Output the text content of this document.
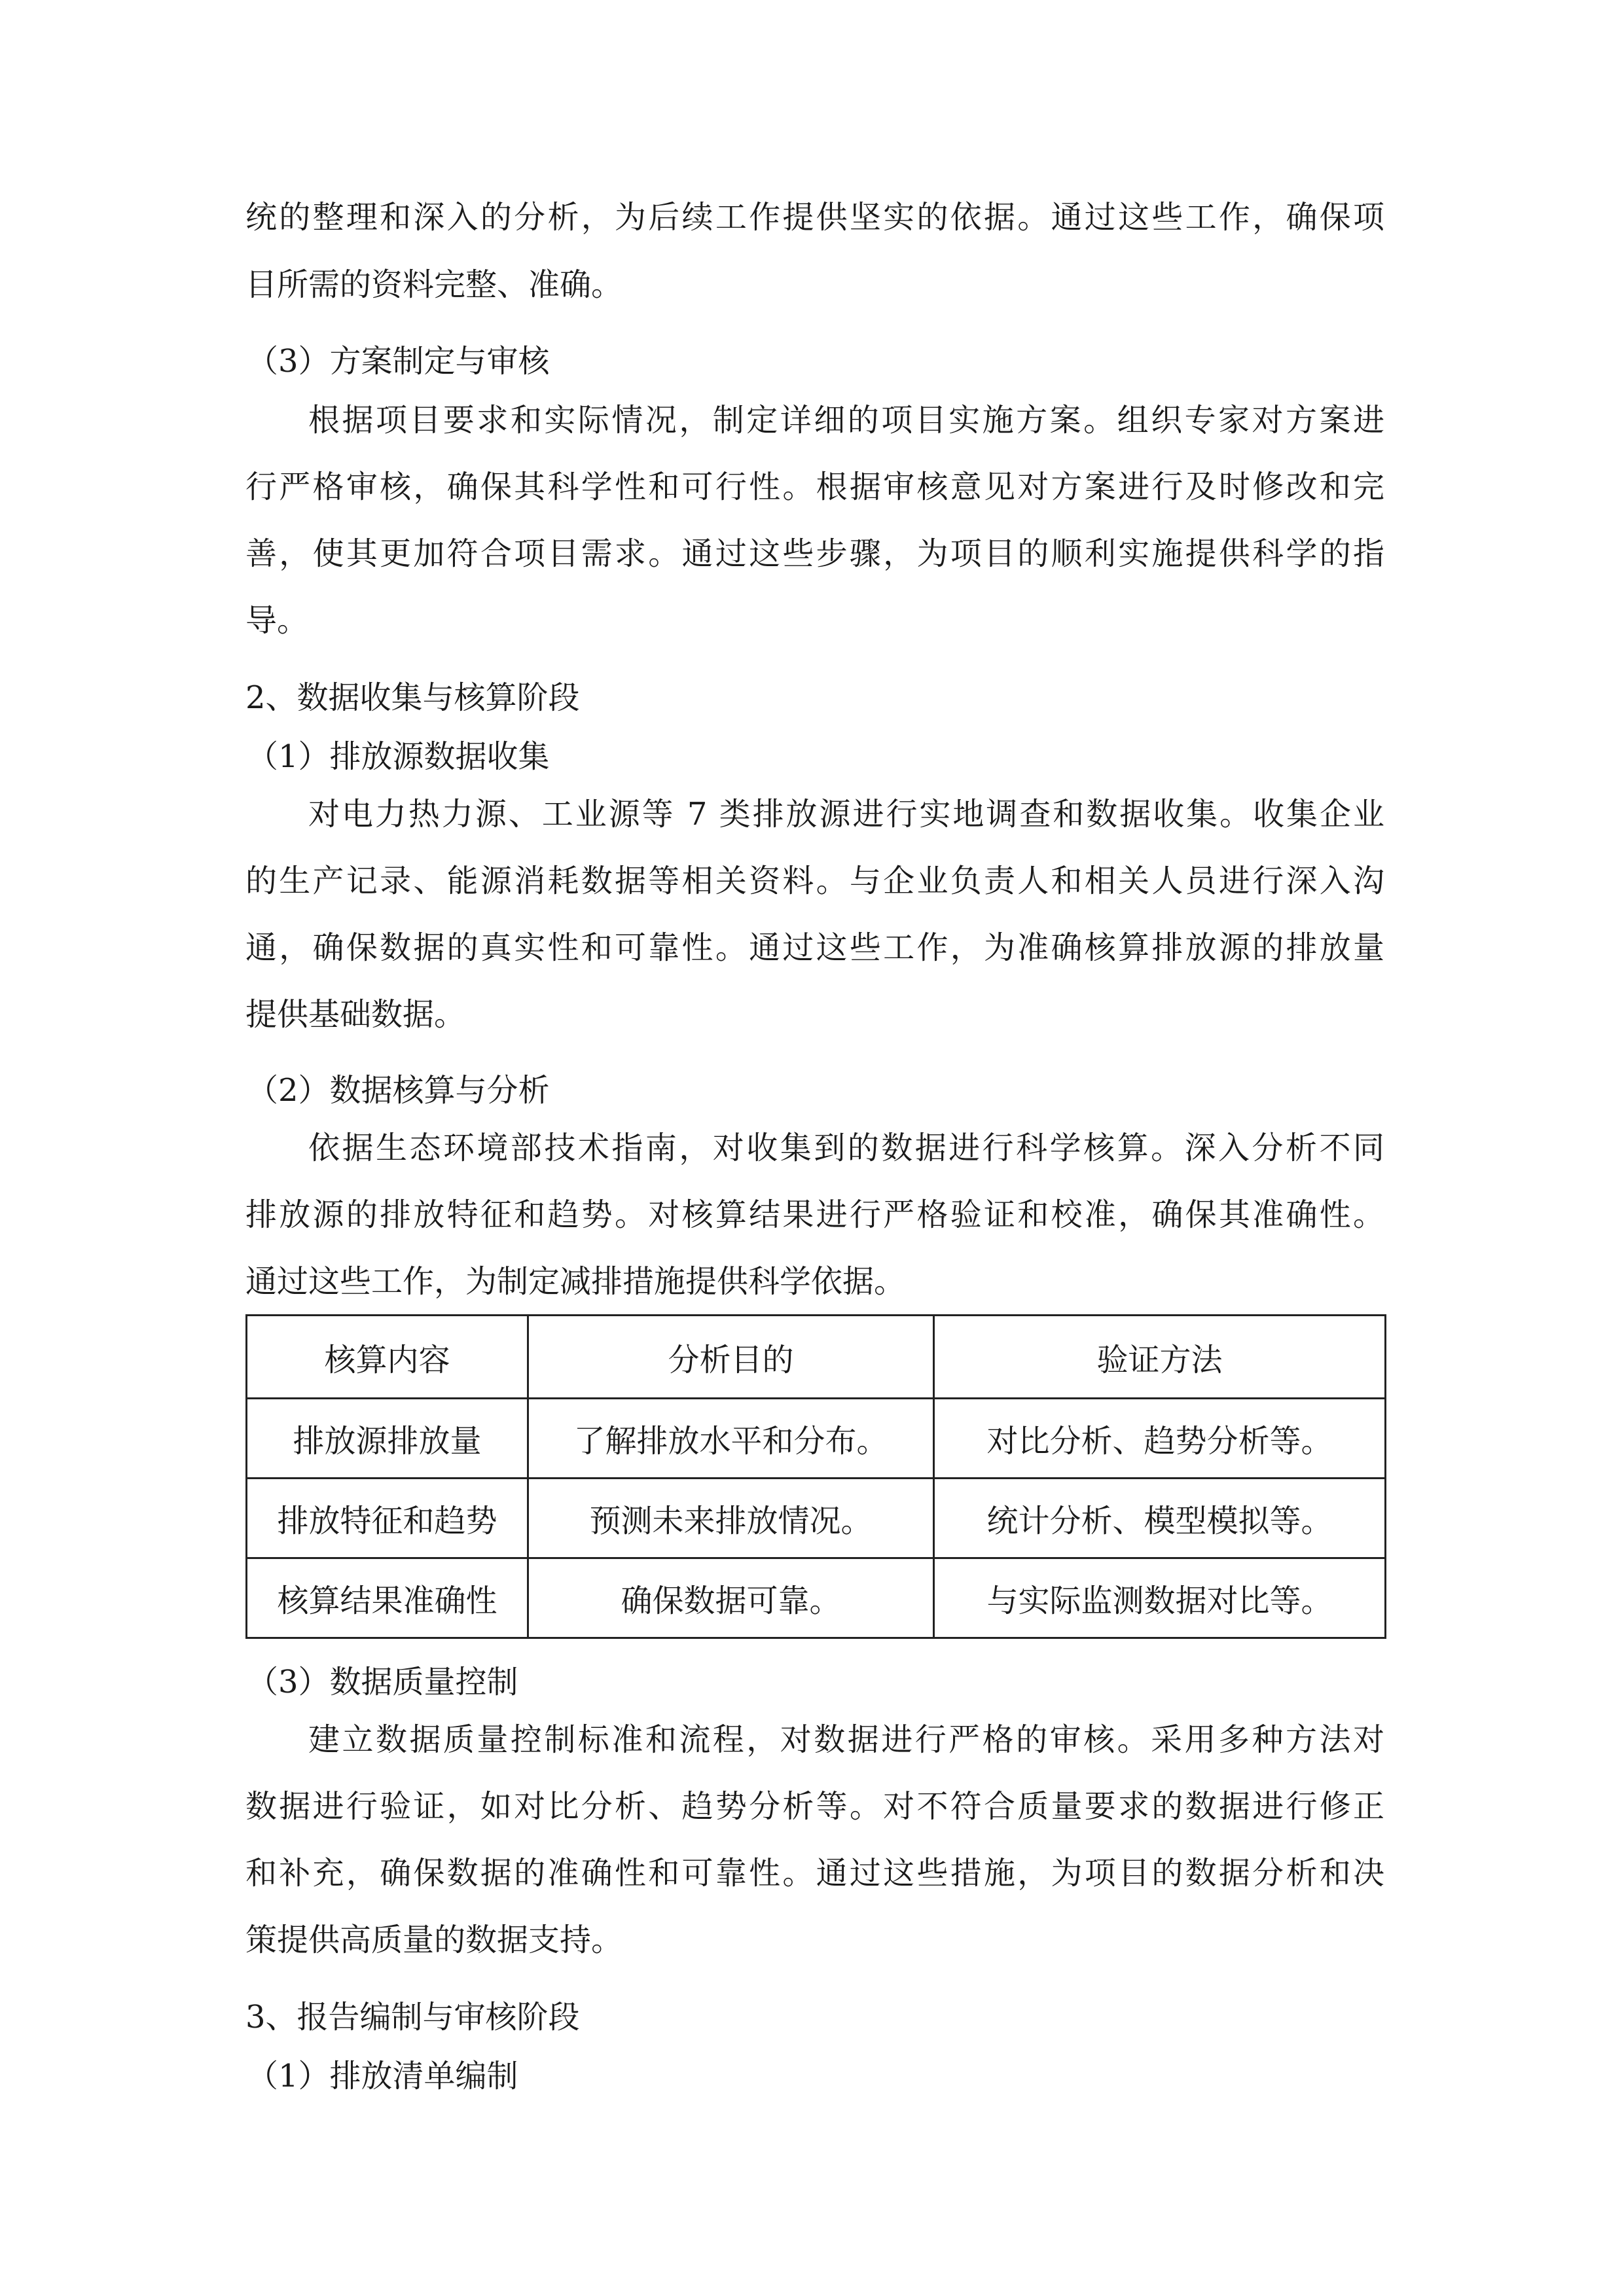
统的整理和深入的分析，为后续工作提供坚实的依据。通过这些工作，确保项
目所需的资料完整、准确。
（3）方案制定与审核
根据项目要求和实际情况，制定详细的项目实施方案。组织专家对方案进
行严格审核，确保其科学性和可行性。根据审核意见对方案进行及时修改和完
善，使其更加符合项目需求。通过这些步骤，为项目的顺利实施提供科学的指
导。
2、数据收集与核算阶段
（1）排放源数据收集
对电力热力源、工业源等 7 类排放源进行实地调查和数据收集。收集企业
的生产记录、能源消耗数据等相关资料。与企业负责人和相关人员进行深入沟
通，确保数据的真实性和可靠性。通过这些工作，为准确核算排放源的排放量
提供基础数据。
（2）数据核算与分析
依据生态环境部技术指南，对收集到的数据进行科学核算。深入分析不同
排放源的排放特征和趋势。对核算结果进行严格验证和校准，确保其准确性。
通过这些工作，为制定减排措施提供科学依据。
核算内容	分析目的	验证方法
排放源排放量	了解排放水平和分布。	对比分析、趋势分析等。
排放特征和趋势	预测未来排放情况。	统计分析、模型模拟等。
核算结果准确性	确保数据可靠。	与实际监测数据对比等。
（3）数据质量控制
建立数据质量控制标准和流程，对数据进行严格的审核。采用多种方法对
数据进行验证，如对比分析、趋势分析等。对不符合质量要求的数据进行修正
和补充，确保数据的准确性和可靠性。通过这些措施，为项目的数据分析和决
策提供高质量的数据支持。
3、报告编制与审核阶段
（1）排放清单编制
